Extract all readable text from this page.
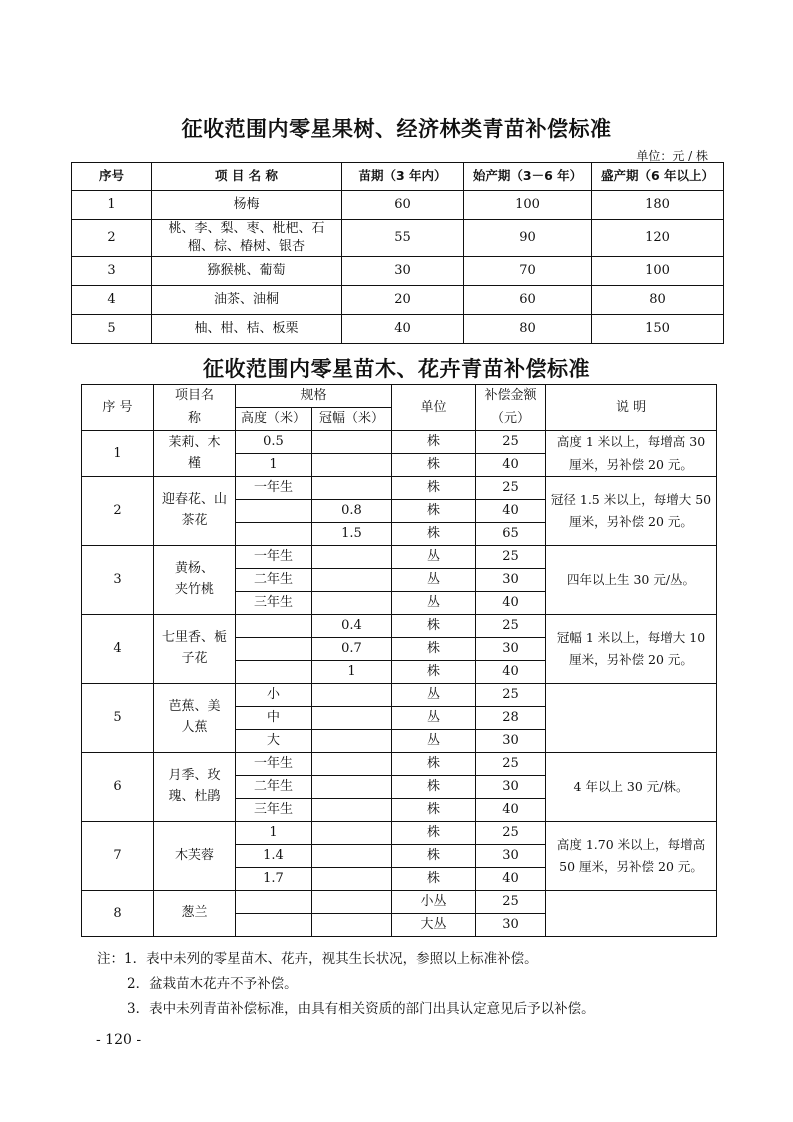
征收范围内零星果树、经济林类青苗补偿标准
单位：元 / 株
序号	项 目 名 称	苗期（3 年内）	始产期（3－6 年）	盛产期（6 年以上）
1	杨梅	60	100	180
2	桃、李、梨、枣、枇杷、石榴、棕、椿树、银杏	55	90	120
3	猕猴桃、葡萄	30	70	100
4	油茶、油桐	20	60	80
5	柚、柑、桔、板栗	40	80	150
征收范围内零星苗木、花卉青苗补偿标准
序 号	项目名称	规格		单位	补偿金额（元）	说 明
		高度（米）	冠幅（米）			
1	茉莉、木槿	0.5		株	25	高度 1 米以上，每增高 30 厘米，另补偿 20 元。
		1		株	40	
2	迎春花、山茶花	一年生		株	25	冠径 1.5 米以上，每增大 50 厘米，另补偿 20 元。
			0.8	株	40	
			1.5	株	65	
3	黄杨、夹竹桃	一年生		丛	25	四年以上生 30 元/丛。
		二年生		丛	30	
		三年生		丛	40	
4	七里香、栀子花		0.4	株	25	冠幅 1 米以上，每增大 10 厘米，另补偿 20 元。
			0.7	株	30	
			1	株	40	
5	芭蕉、美人蕉	小		丛	25	
		中		丛	28	
		大		丛	30	
6	月季、玫瑰、杜鹃	一年生		株	25	4 年以上 30 元/株。
		二年生		株	30	
		三年生		株	40	
7	木芙蓉	1		株	25	高度 1.70 米以上，每增高 50 厘米，另补偿 20 元。
		1.4		株	30	
		1.7		株	40	
8	葱兰			小丛	25	
				大丛	30	
注：1．表中未列的零星苗木、花卉，视其生长状况，参照以上标准补偿。
2．盆栽苗木花卉不予补偿。
3．表中未列青苗补偿标准，由具有相关资质的部门出具认定意见后予以补偿。
- 120 -
